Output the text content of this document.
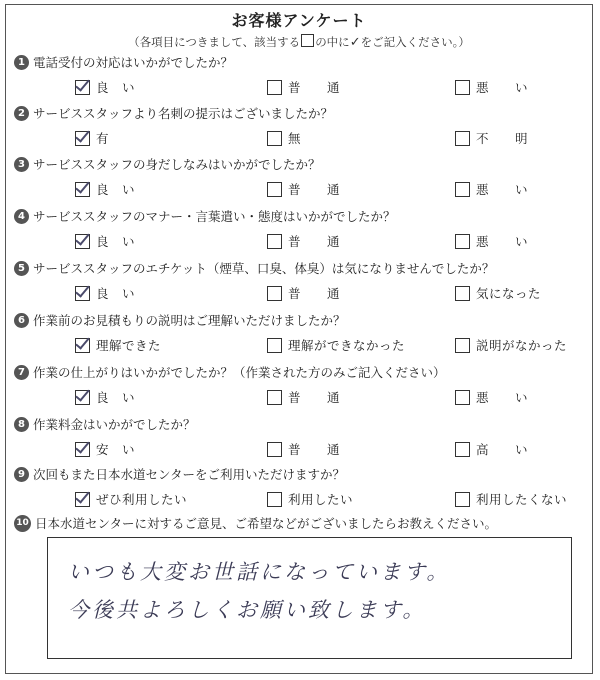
お客様アンケート
（各項目につきまして、該当する の中に✓をご記入ください。）
1 電話受付の対応はいかがでしたか？
良　い	普　　通	悪　　い
2 サービススタッフより名刺の提示はございましたか？
有	無	不　　明
3 サービススタッフの身だしなみはいかがでしたか？
良　い	普　　通	悪　　い
4 サービススタッフのマナー・言葉遣い・態度はいかがでしたか？
良　い	普　　通	悪　　い
5 サービススタッフのエチケット（煙草、口臭、体臭）は気になりませんでしたか？
良　い	普　　通	気になった
6 作業前のお見積もりの説明はご理解いただけましたか？
理解できた	理解ができなかった	説明がなかった
7 作業の仕上がりはいかがでしたか？（作業された方のみご記入ください）
良　い	普　　通	悪　　い
8 作業料金はいかがでしたか？
安　い	普　　通	高　　い
9 次回もまた日本水道センターをご利用いただけますか？
ぜひ利用したい	利用したい	利用したくない
10 日本水道センターに対するご意見、ご希望などがございましたらお教えください。
いつも大変お世話になっています。
今後共よろしくお願い致します。
